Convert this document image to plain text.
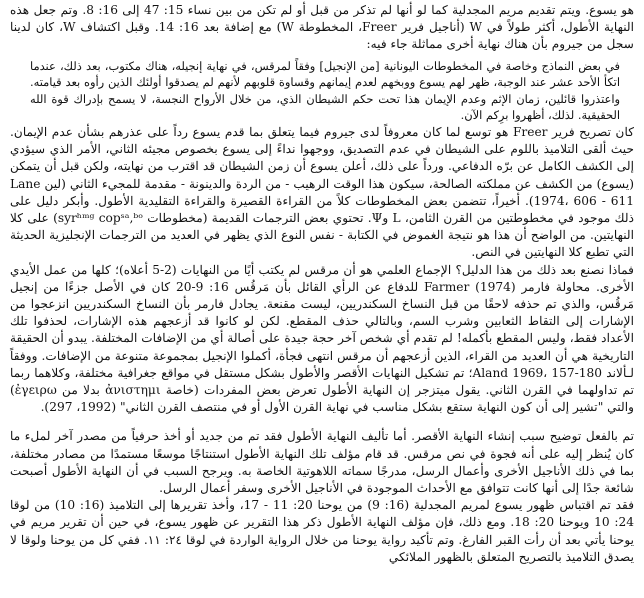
هو يسوع. ويتم تقديم مريم المجدلية كما لو أنها لم تذكر من قبل أو لم تكن من بين نساء 15: 47 إلى 16: 8. وتم جعل هذه النهاية الأطول، أكثر طولاً في W (أناجيل فرير Freer، المخطوطة W) مع إضافة بعد 16: 14. وقبل اكتشاف W، كان لدينا سجل من جيروم بأن هناك نهاية أخرى مماثلة جاء فيه:

في بعض النماذج وخاصة في المخطوطات اليونانية [من الإنجيل] وفقاً لمرقس، في نهاية إنجيله، هناك مكتوب، بعد ذلك، عندما اتكأ الأحد عشر عند الوجبة، ظهر لهم يسوع ووبخهم لعدم إيمانهم وقساوة قلوبهم لأنهم لم يصدقوا أولئك الذين رأوه بعد قيامته. واعتذروا قائلين، زمان الإثم وعدم الإيمان هذا تحت حكم الشيطان الذي، من خلال الأرواح النجسة، لا يسمح بإدراك قوة الله الحقيقية. لذلك، أظهروا برِكم الآن.

كان تصريح فرير Freer هو توسع لما كان معروفاً لدى جيروم فيما يتعلق بما قدم يسوع رداً على عذرهم بشأن عدم الإيمان. حيث ألقى التلاميذ باللوم على الشيطان في عدم التصديق، ووجهوا نداءً إلى يسوع بخصوص مجيئه الثاني، الأمر الذي سيؤدي إلى الكشف الكامل عن برّه الدفاعي. ورداً على ذلك، أعلن يسوع أن زمن الشيطان قد اقترب من نهايته، ولكن قبل أن يتمكن (يسوع) من الكشف عن مملكته الصالحة، سيكون هذا الوقت الرهيب - من الردة والدينونة - مقدمة للمجيء الثاني (لين Lane 1974، 606 - 611). أخيراً، تتضمن بعض المخطوطات كلاً من القراءة القصيرة والقراءة التقليدية الأطول. وأبكر دليل على ذلك موجود في مخطوطتين من القرن الثامن، L وΨ. تحتوي بعض الترجمات القديمة (مخطوطات syrʰᵐᵍ copˢᵃ,ᵇᵒ) على كلا النهايتين. من الواضح أن هذا هو نتيجة الغموض في الكتابة - نفس النوع الذي يظهر في العديد من الترجمات الإنجليزية الحديثة التي تطبع كلا النهايتين في النص.

فماذا نصنع بعد ذلك من هذا الدليل؟ الإجماع العلمي هو أن مرقس لم يكتب أيًا من النهايات (2-5 أعلاه)؛ كلها من عمل الأيدي الأخرى. محاولة فارمر Farmer (1974) للدفاع عن الرأي القائل بأن مَرقُس 16: 9-20 كان في الأصل جزءًا من إنجيل مَرقُس، والذي تم حذفه لاحقًا من قبل النساخ السكندريين، ليست مقنعة. يجادل فارمر بأن النساخ السكندريين انزعجوا من الإشارات إلى التقاط الثعابين وشرب السم، وبالتالي حذف المقطع. لكن لو كانوا قد أزعجهم هذه الإشارات، لحذفوا تلك الأعداد فقط، وليس المقطع بأكمله! لم تقدم أي شخص آخر حجة جيدة على أصالة أي من الإضافات المختلفة. يبدو أن الحقيقة التاريخية هي أن العديد من القراء، الذين أزعجهم أن مرقس انتهى فجأة، أكملوا الإنجيل بمجموعة متنوعة من الإضافات. ووفقاً لـألاند Aland 1969، 157-180؛ تم تشكيل النهايات الأقصر والأطول بشكل مستقل في مواقع جغرافية مختلفة، وكلاهما ربما تم تداولهما في القرن الثاني. يقول ميتزجر إن النهاية الأطول تعرض بعض المفردات (خاصة ἀνιστημι بدلا من ἐγειρω) والتي "تشير إلى أن كون النهاية ستقع بشكل مناسب في نهاية القرن الأول أو في منتصف القرن الثاني" (1992، 297).

تم بالفعل توضيح سبب إنشاء النهاية الأقصر. أما تأليف النهاية الأطول فقد تم من جديد أو أخذ حرفياً من مصدر آخر لملء ما كان يُنظر إليه على أنه فجوة في نص مرقس. قد قام مؤلف تلك النهاية الأطول استنتاجًا موسعًا مستمدًا من مصادر مختلفة، بما في ذلك الأناجيل الأخرى وأعمال الرسل، مدرجًا سماته اللاهوتية الخاصة به. ويرجح السبب في أن النهاية الأطول أصبحت شائعة جدًا إلى أنها كانت تتوافق مع الأحداث الموجودة في الأناجيل الأخرى وسفر أعمال الرسل.

فقد تم اقتباس ظهور يسوع لمريم المجدلية (16: 9) من يوحنا 20: 11 - 17، وأخذ تقريرها إلى التلاميذ (16: 10) من لوقا 24: 10 ويوحنا 20: 18. ومع ذلك، فإن مؤلف النهاية الأطول ذكر هذا التقرير عن ظهور يسوع، في حين أن تقرير مريم في يوحنا يأتي بعد أن رأت القبر الفارغ. وتم تأكيد رواية يوحنا من خلال الرواية الواردة في لوقا ٢٤: ١١. ففي كل من يوحنا ولوقا لا يصدق التلاميذ بالتصريح المتعلق بالظهور الملائكي
